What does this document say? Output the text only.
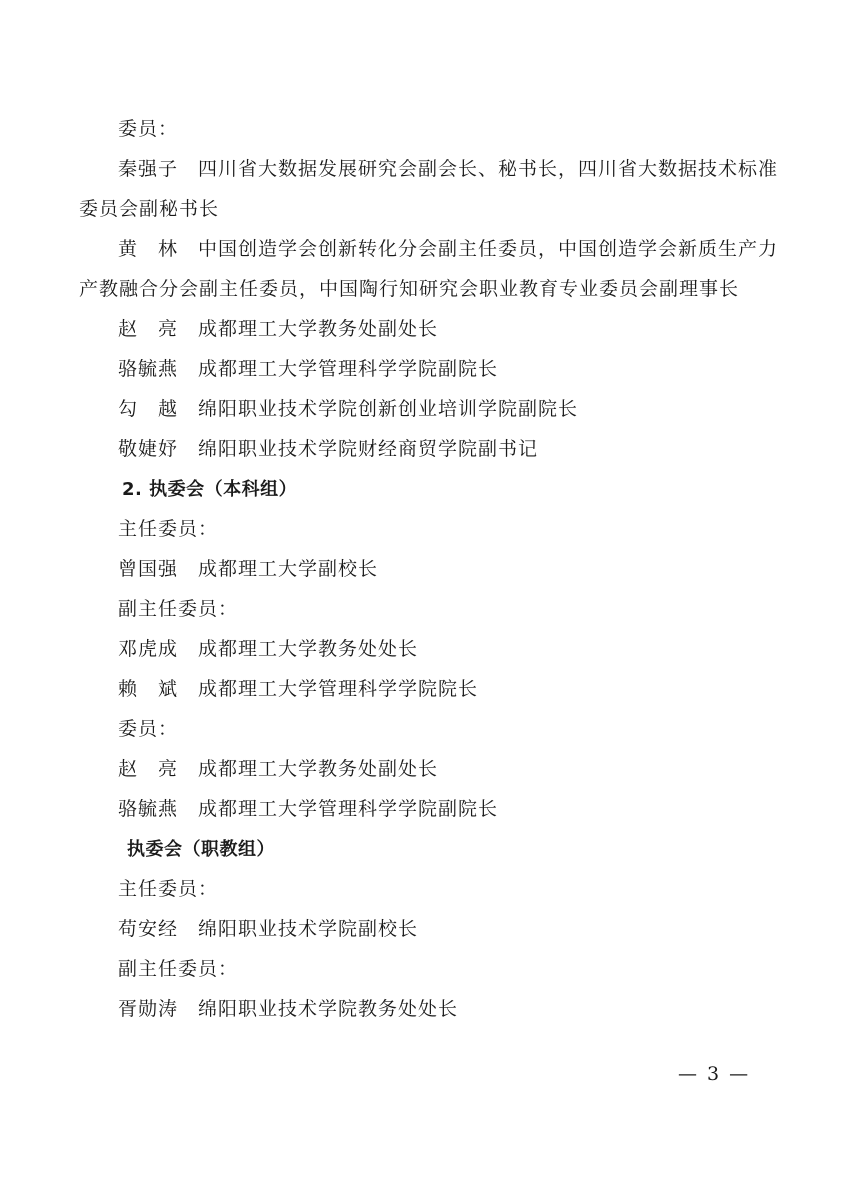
委员：
秦强子 四川省大数据发展研究会副会长、秘书长，四川省大数据技术标准
委员会副秘书长
黄　林 中国创造学会创新转化分会副主任委员，中国创造学会新质生产力
产教融合分会副主任委员，中国陶行知研究会职业教育专业委员会副理事长
赵　亮 成都理工大学教务处副处长
骆毓燕 成都理工大学管理科学学院副院长
勾　越 绵阳职业技术学院创新创业培训学院副院长
敬婕妤 绵阳职业技术学院财经商贸学院副书记
2. 执委会（本科组）
主任委员：
曾国强 成都理工大学副校长
副主任委员：
邓虎成 成都理工大学教务处处长
赖　斌 成都理工大学管理科学学院院长
委员：
赵　亮 成都理工大学教务处副处长
骆毓燕 成都理工大学管理科学学院副院长
执委会（职教组）
主任委员：
苟安经 绵阳职业技术学院副校长
副主任委员：
胥勋涛 绵阳职业技术学院教务处处长
— 3 —
